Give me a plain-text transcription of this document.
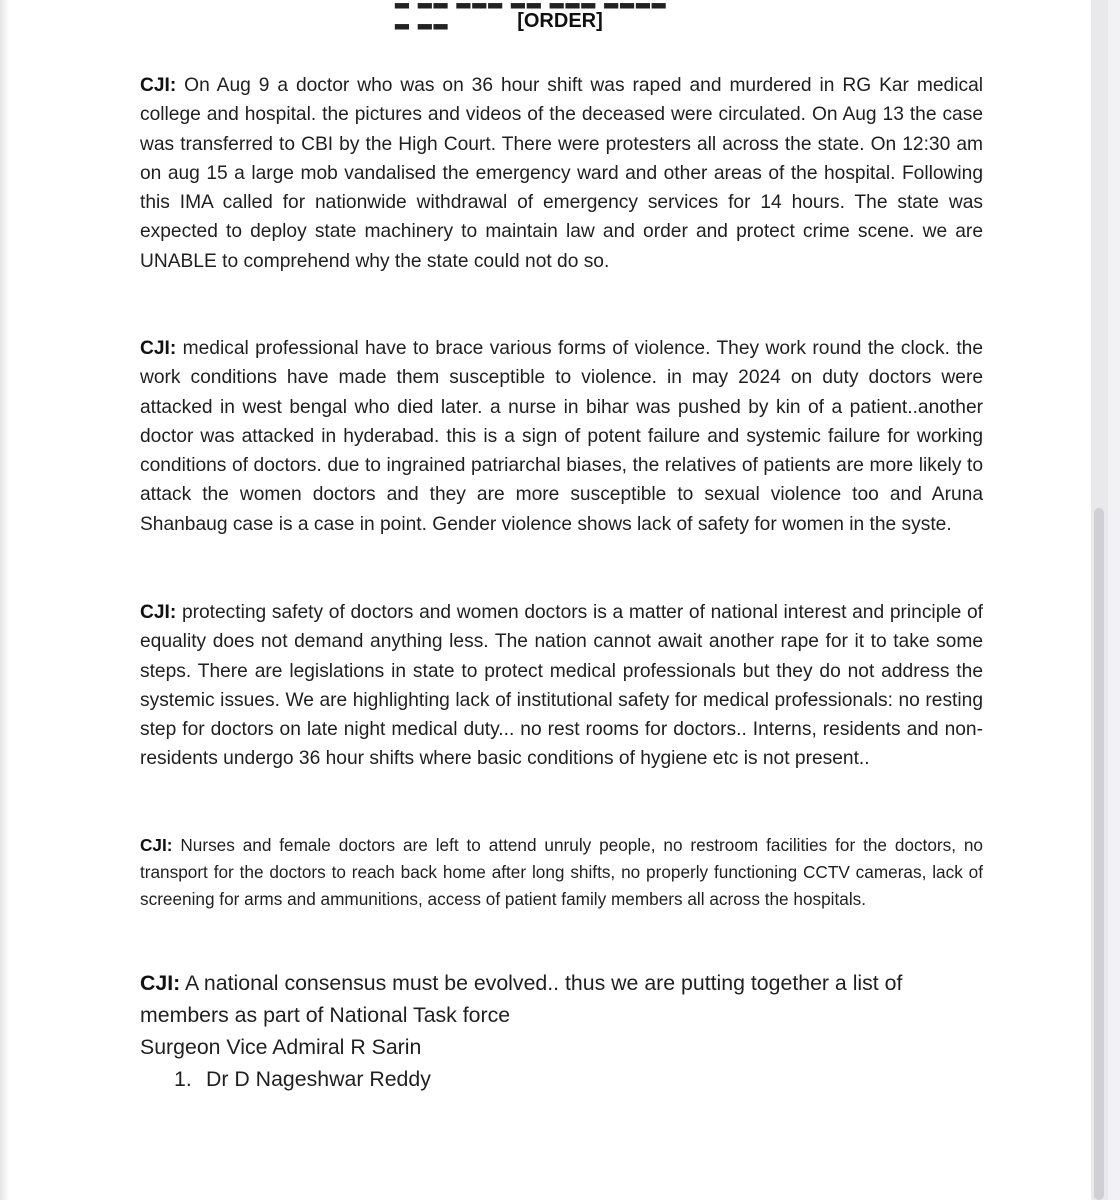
▂ ▂▂	[ORDER]

CJI: On Aug 9 a doctor who was on 36 hour shift was raped and murdered in RG Kar medical college and hospital. the pictures and videos of the deceased were circulated. On Aug 13 the case was transferred to CBI by the High Court. There were protesters all across the state. On 12:30 am on aug 15 a large mob vandalised the emergency ward and other areas of the hospital. Following this IMA called for nationwide withdrawal of emergency services for 14 hours. The state was expected to deploy state machinery to maintain law and order and protect crime scene. we are UNABLE to comprehend why the state could not do so.

CJI: medical professional have to brace various forms of violence. They work round the clock. the work conditions have made them susceptible to violence. in may 2024 on duty doctors were attacked in west bengal who died later. a nurse in bihar was pushed by kin of a patient..another doctor was attacked in hyderabad. this is a sign of potent failure and systemic failure for working conditions of doctors. due to ingrained patriarchal biases, the relatives of patients are more likely to attack the women doctors and they are more susceptible to sexual violence too and Aruna Shanbaug case is a case in point. Gender violence shows lack of safety for women in the syste.

CJI: protecting safety of doctors and women doctors is a matter of national interest and principle of equality does not demand anything less. The nation cannot await another rape for it to take some steps. There are legislations in state to protect medical professionals but they do not address the systemic issues. We are highlighting lack of institutional safety for medical professionals: no resting step for doctors on late night medical duty... no rest rooms for doctors.. Interns, residents and non-residents undergo 36 hour shifts where basic conditions of hygiene etc is not present..

CJI: Nurses and female doctors are left to attend unruly people, no restroom facilities for the doctors, no transport for the doctors to reach back home after long shifts, no properly functioning CCTV cameras, lack of screening for arms and ammunitions, access of patient family members all across the hospitals.

CJI: A national consensus must be evolved.. thus we are putting together a list of members as part of National Task force

Surgeon Vice Admiral R Sarin

1. Dr D Nageshwar Reddy
